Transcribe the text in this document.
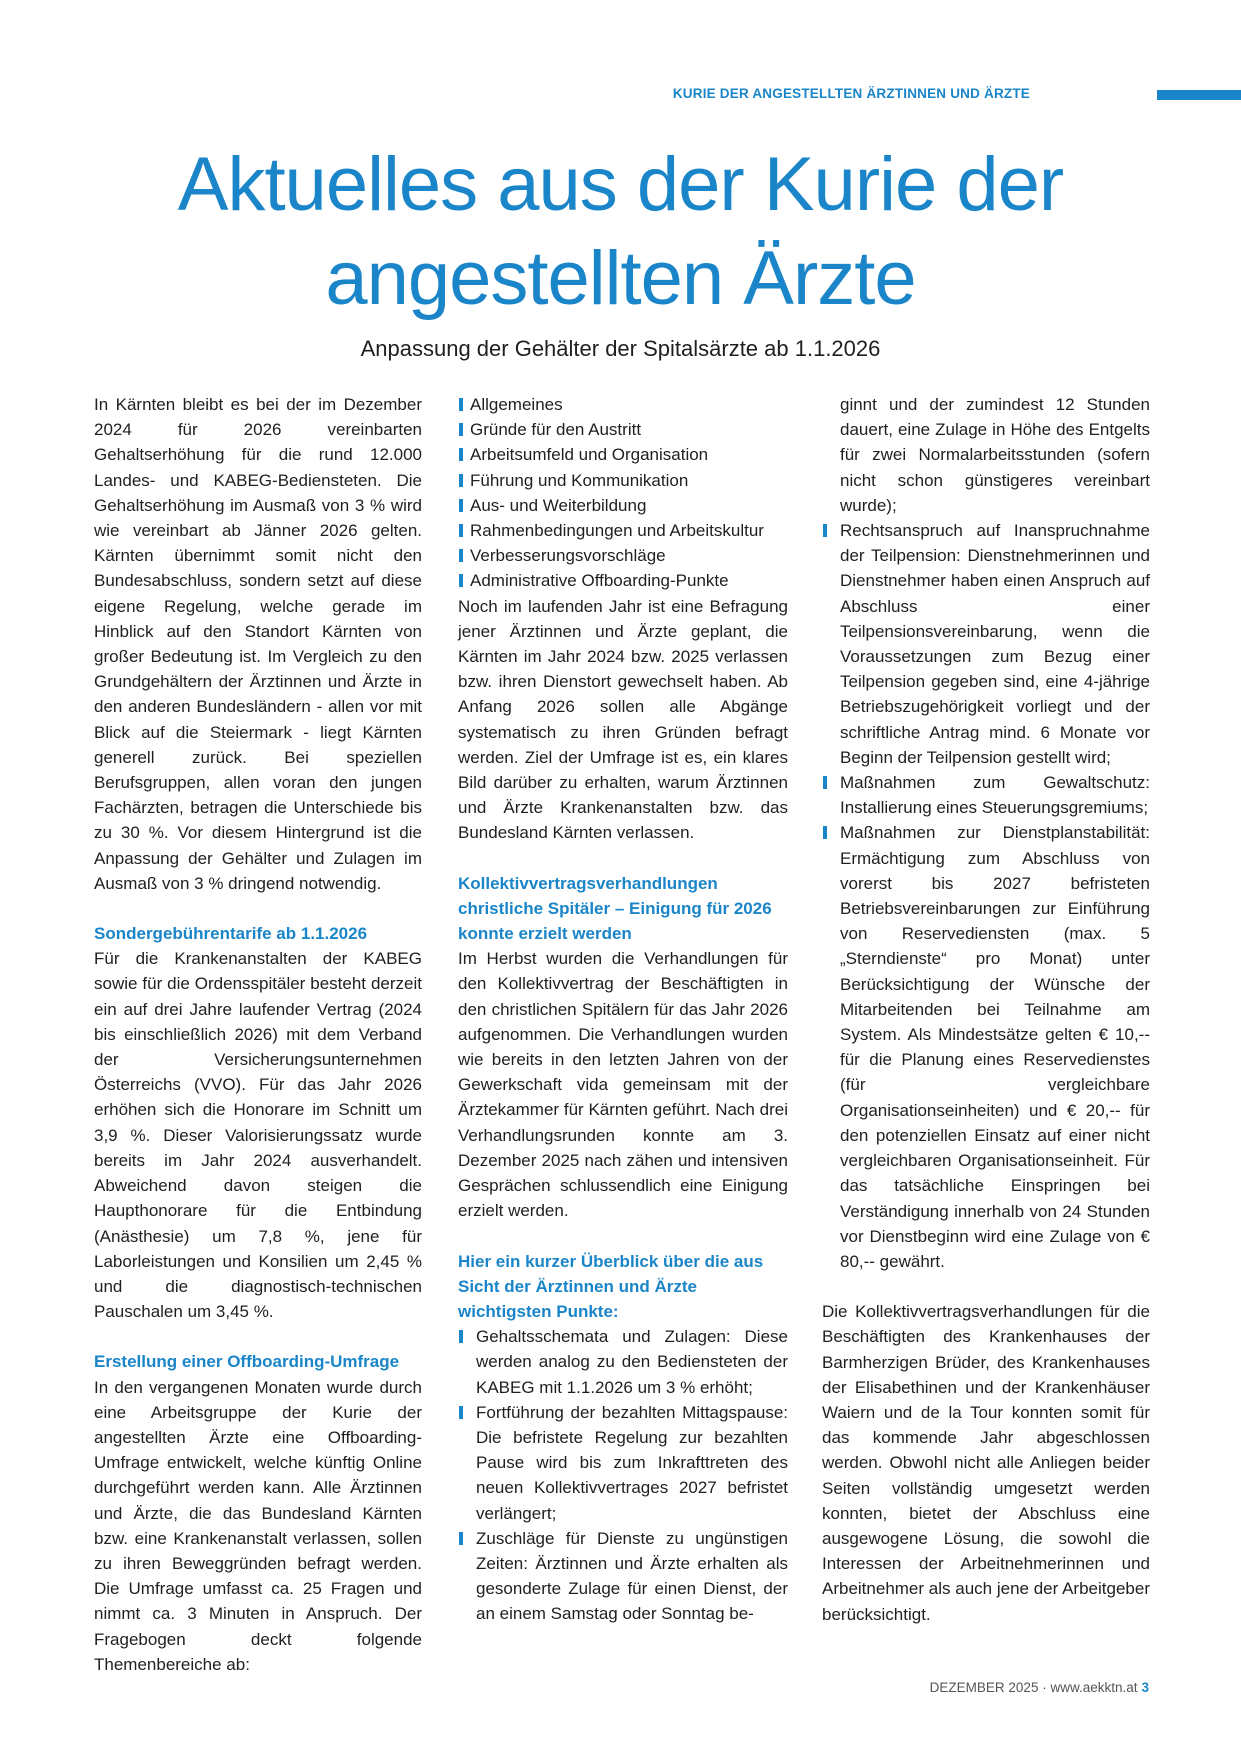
KURIE DER ANGESTELLTEN ÄRZTINNEN UND ÄRZTE
Aktuelles aus der Kurie der
angestellten Ärzte
Anpassung der Gehälter der Spitalsärzte ab 1.1.2026

In Kärnten bleibt es bei der im Dezember 2024 für 2026 vereinbarten Gehaltserhöhung für die rund 12.000 Landes- und KABEG-Bediensteten. Die Gehaltserhöhung im Ausmaß von 3 % wird wie vereinbart ab Jänner 2026 gelten. Kärnten übernimmt somit nicht den Bundesabschluss, sondern setzt auf diese eigene Regelung, welche gerade im Hinblick auf den Standort Kärnten von großer Bedeutung ist. Im Vergleich zu den Grundgehältern der Ärztinnen und Ärzte in den anderen Bundesländern - allen vor mit Blick auf die Steiermark - liegt Kärnten generell zurück. Bei speziellen Berufsgruppen, allen voran den jungen Fachärzten, betragen die Unterschiede bis zu 30 %. Vor diesem Hintergrund ist die Anpassung der Gehälter und Zulagen im Ausmaß von 3 % dringend notwendig.

Sondergebührentarife ab 1.1.2026

Für die Krankenanstalten der KABEG sowie für die Ordensspitäler besteht derzeit ein auf drei Jahre laufender Vertrag (2024 bis einschließlich 2026) mit dem Verband der Versicherungsunternehmen Österreichs (VVO). Für das Jahr 2026 erhöhen sich die Honorare im Schnitt um 3,9 %. Dieser Valorisierungssatz wurde bereits im Jahr 2024 ausverhandelt. Abweichend davon steigen die Haupthonorare für die Entbindung (Anästhesie) um 7,8 %, jene für Laborleistungen und Konsilien um 2,45 % und die diagnostisch-technischen Pauschalen um 3,45 %.

Erstellung einer Offboarding-Umfrage

In den vergangenen Monaten wurde durch eine Arbeitsgruppe der Kurie der angestellten Ärzte eine Offboarding-Umfrage entwickelt, welche künftig Online durchgeführt werden kann. Alle Ärztinnen und Ärzte, die das Bundesland Kärnten bzw. eine Krankenanstalt verlassen, sollen zu ihren Beweggründen befragt werden. Die Umfrage umfasst ca. 25 Fragen und nimmt ca. 3 Minuten in Anspruch. Der Fragebogen deckt folgende Themenbereiche ab:

Allgemeines
Gründe für den Austritt
Arbeitsumfeld und Organisation
Führung und Kommunikation
Aus- und Weiterbildung
Rahmenbedingungen und Arbeitskultur
Verbesserungsvorschläge
Administrative Offboarding-Punkte

Noch im laufenden Jahr ist eine Befragung jener Ärztinnen und Ärzte geplant, die Kärnten im Jahr 2024 bzw. 2025 verlassen bzw. ihren Dienstort gewechselt haben. Ab Anfang 2026 sollen alle Abgänge systematisch zu ihren Gründen befragt werden. Ziel der Umfrage ist es, ein klares Bild darüber zu erhalten, warum Ärztinnen und Ärzte Krankenanstalten bzw. das Bundesland Kärnten verlassen.

Kollektivvertragsverhandlungen christliche Spitäler – Einigung für 2026 konnte erzielt werden

Im Herbst wurden die Verhandlungen für den Kollektivvertrag der Beschäftigten in den christlichen Spitälern für das Jahr 2026 aufgenommen. Die Verhandlungen wurden wie bereits in den letzten Jahren von der Gewerkschaft vida gemeinsam mit der Ärztekammer für Kärnten geführt. Nach drei Verhandlungsrunden konnte am 3. Dezember 2025 nach zähen und intensiven Gesprächen schlussendlich eine Einigung erzielt werden.

Hier ein kurzer Überblick über die aus Sicht der Ärztinnen und Ärzte wichtigsten Punkte:

Gehaltsschemata und Zulagen: Diese werden analog zu den Bediensteten der KABEG mit 1.1.2026 um 3 % erhöht;
Fortführung der bezahlten Mittagspause: Die befristete Regelung zur bezahlten Pause wird bis zum Inkrafttreten des neuen Kollektivvertrages 2027 befristet verlängert;
Zuschläge für Dienste zu ungünstigen Zeiten: Ärztinnen und Ärzte erhalten als gesonderte Zulage für einen Dienst, der an einem Samstag oder Sonntag be-
ginnt und der zumindest 12 Stunden dauert, eine Zulage in Höhe des Entgelts für zwei Normalarbeitsstunden (sofern nicht schon günstigeres vereinbart wurde);
Rechtsanspruch auf Inanspruchnahme der Teilpension: Dienstnehmerinnen und Dienstnehmer haben einen Anspruch auf Abschluss einer Teilpensionsvereinbarung, wenn die Voraussetzungen zum Bezug einer Teilpension gegeben sind, eine 4-jährige Betriebszugehörigkeit vorliegt und der schriftliche Antrag mind. 6 Monate vor Beginn der Teilpension gestellt wird;
Maßnahmen zum Gewaltschutz: Installierung eines Steuerungsgremiums;
Maßnahmen zur Dienstplanstabilität: Ermächtigung zum Abschluss von vorerst bis 2027 befristeten Betriebsvereinbarungen zur Einführung von Reservediensten (max. 5 „Sterndienste“ pro Monat) unter Berücksichtigung der Wünsche der Mitarbeitenden bei Teilnahme am System. Als Mindestsätze gelten € 10,-- für die Planung eines Reservedienstes (für vergleichbare Organisationseinheiten) und € 20,-- für den potenziellen Einsatz auf einer nicht vergleichbaren Organisationseinheit. Für das tatsächliche Einspringen bei Verständigung innerhalb von 24 Stunden vor Dienstbeginn wird eine Zulage von € 80,-- gewährt.

Die Kollektivvertragsverhandlungen für die Beschäftigten des Krankenhauses der Barmherzigen Brüder, des Krankenhauses der Elisabethinen und der Krankenhäuser Waiern und de la Tour konnten somit für das kommende Jahr abgeschlossen werden. Obwohl nicht alle Anliegen beider Seiten vollständig umgesetzt werden konnten, bietet der Abschluss eine ausgewogene Lösung, die sowohl die Interessen der Arbeitnehmerinnen und Arbeitnehmer als auch jene der Arbeitgeber berücksichtigt.

DEZEMBER 2025 · www.aekktn.at 3
